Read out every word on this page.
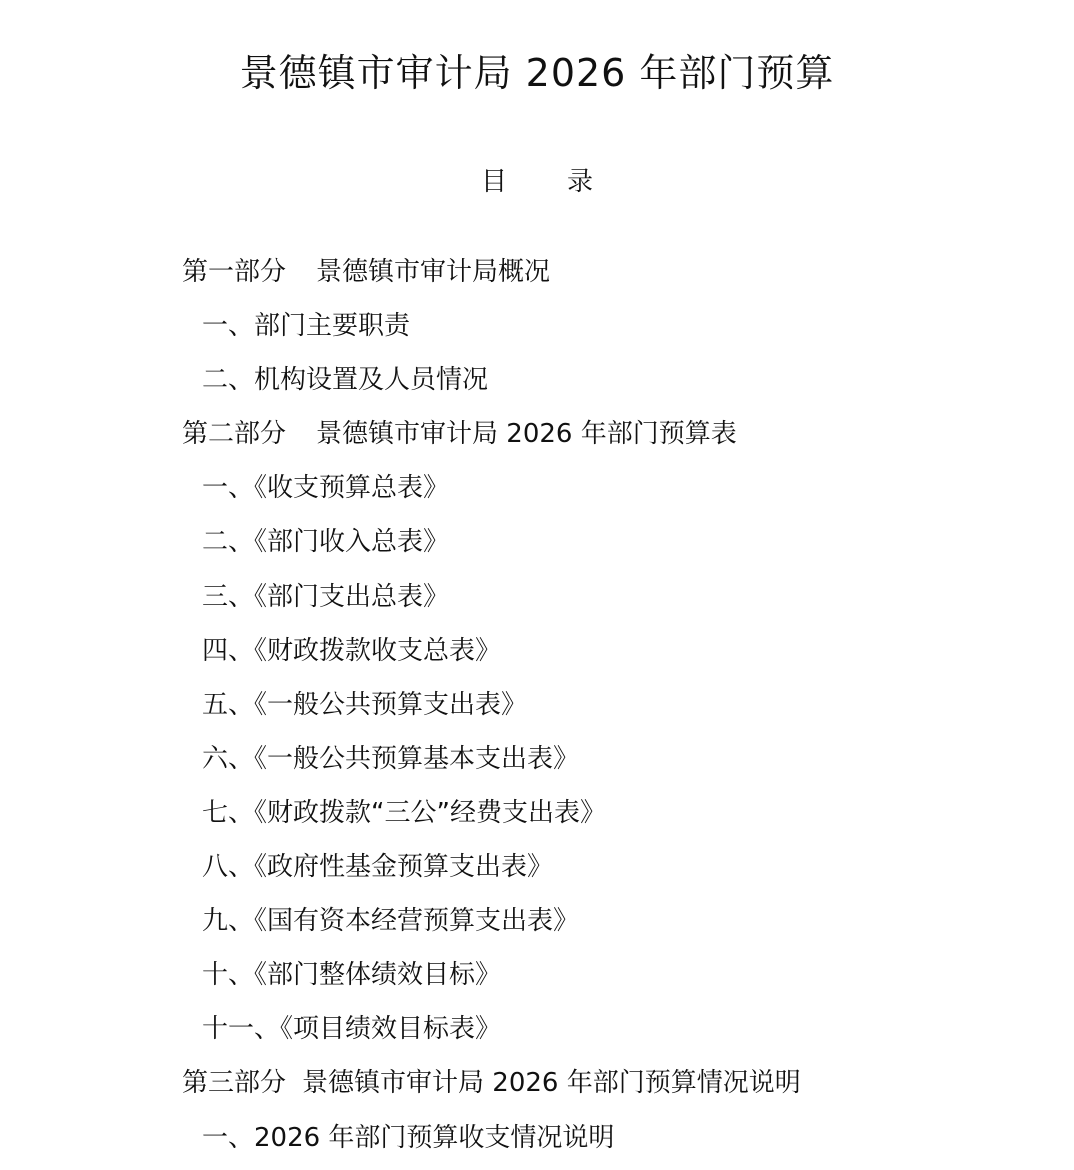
景德镇市审计局 2026 年部门预算
目 录
第一部分 景德镇市审计局概况
一、部门主要职责
二、机构设置及人员情况
第二部分 景德镇市审计局 2026 年部门预算表
一、《收支预算总表》
二、《部门收入总表》
三、《部门支出总表》
四、《财政拨款收支总表》
五、《一般公共预算支出表》
六、《一般公共预算基本支出表》
七、《财政拨款“三公”经费支出表》
八、《政府性基金预算支出表》
九、《国有资本经营预算支出表》
十、《部门整体绩效目标》
十一、《项目绩效目标表》
第三部分 景德镇市审计局 2026 年部门预算情况说明
一、2026 年部门预算收支情况说明
